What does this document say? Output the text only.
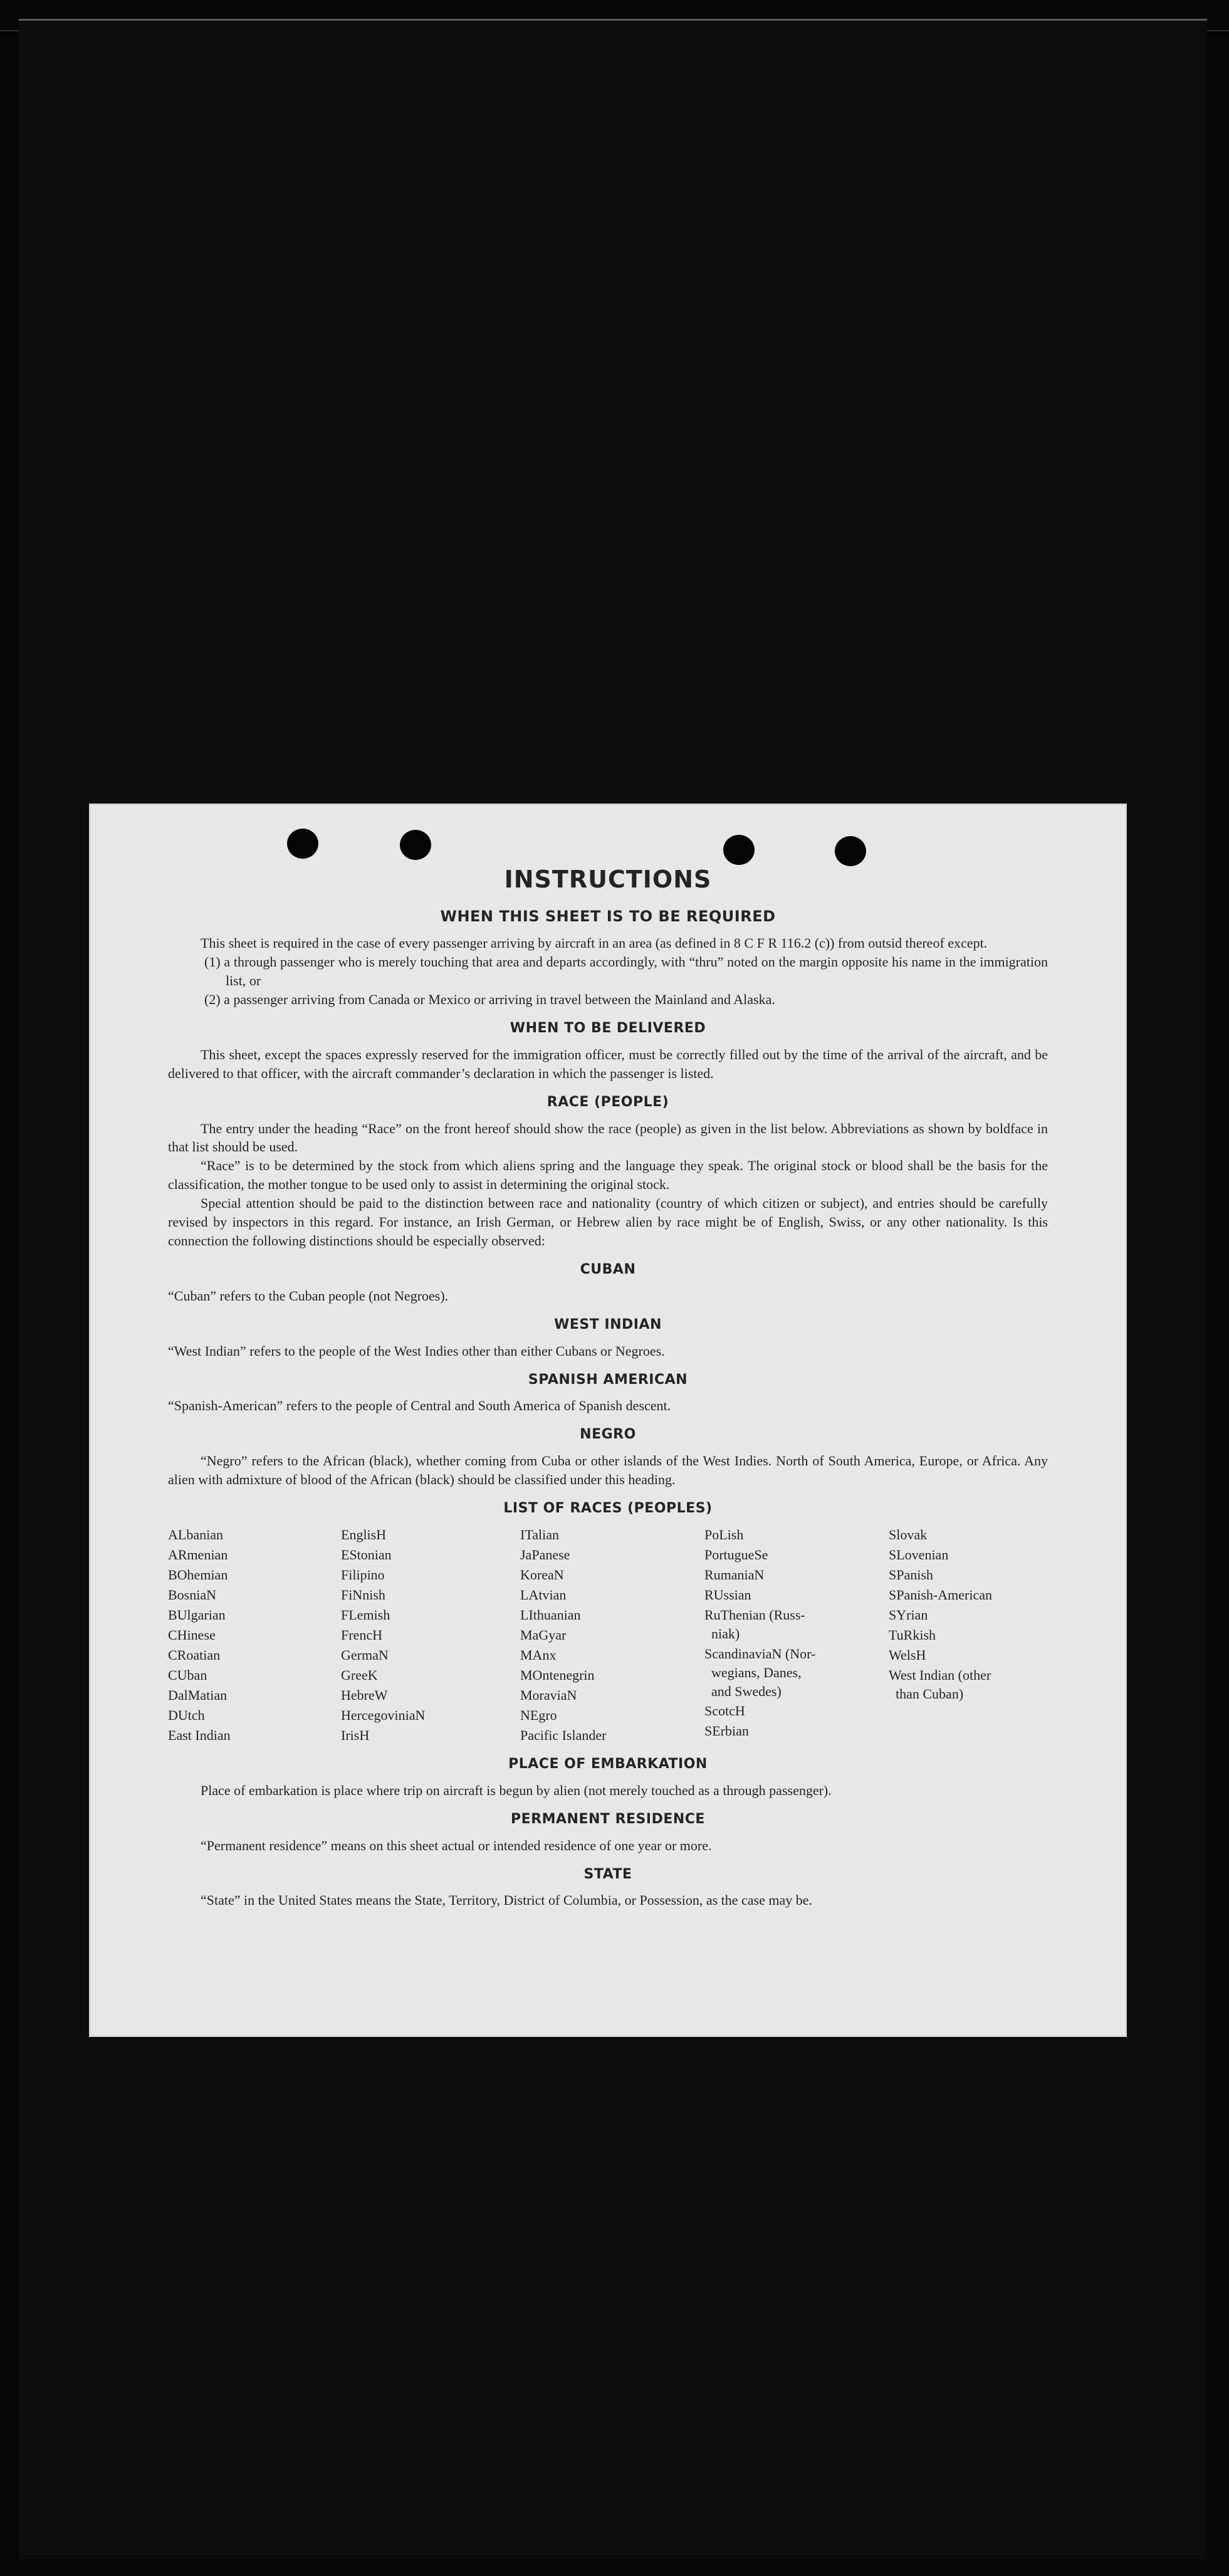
INSTRUCTIONS
WHEN THIS SHEET IS TO BE REQUIRED

This sheet is required in the case of every passenger arriving by aircraft in an area (as defined in 8 C F R 116.2 (c)) from outsid thereof except.

(1) a through passenger who is merely touching that area and departs accordingly, with “thru” noted on the margin opposite his name in the immigration list, or

(2) a passenger arriving from Canada or Mexico or arriving in travel between the Mainland and Alaska.

WHEN TO BE DELIVERED

This sheet, except the spaces expressly reserved for the immigration officer, must be correctly filled out by the time of the arrival of the aircraft, and be delivered to that officer, with the aircraft commander’s declaration in which the passenger is listed.

RACE (PEOPLE)

The entry under the heading “Race” on the front hereof should show the race (people) as given in the list below. Abbreviations as shown by boldface in that list should be used.

“Race” is to be determined by the stock from which aliens spring and the language they speak. The original stock or blood shall be the basis for the classification, the mother tongue to be used only to assist in determining the original stock.

Special attention should be paid to the distinction between race and nationality (country of which citizen or subject), and entries should be carefully revised by inspectors in this regard. For instance, an Irish German, or Hebrew alien by race might be of English, Swiss, or any other nationality. Is this connection the following distinctions should be especially observed:

CUBAN

“Cuban” refers to the Cuban people (not Negroes).

WEST INDIAN

“West Indian” refers to the people of the West Indies other than either Cubans or Negroes.

SPANISH AMERICAN

“Spanish-American” refers to the people of Central and South America of Spanish descent.

NEGRO

“Negro” refers to the African (black), whether coming from Cuba or other islands of the West Indies. North of South America, Europe, or Africa. Any alien with admixture of blood of the African (black) should be classified under this heading.

LIST OF RACES (PEOPLES)
ALbanian
ARmenian
BOhemian
BosniaN
BUlgarian
CHinese
CRoatian
CUban
DalMatian
DUtch
East Indian
EnglisH
EStonian
Filipino
FiNnish
FLemish
FrencH
GermaN
GreeK
HebreW
HercegoviniaN
IrisH
ITalian
JaPanese
KoreaN
LAtvian
LIthuanian
MaGyar
MAnx
MOntenegrin
MoraviaN
NEgro
Pacific Islander
PoLish
PortugueSe
RumaniaN
RUssian
RuThenian (Russ-
niak)
ScandinaviaN (Nor-
wegians, Danes,
and Swedes)
ScotcH
SErbian
Slovak
SLovenian
SPanish
SPanish-American
SYrian
TuRkish
WelsH
West Indian (other
than Cuban)
PLACE OF EMBARKATION

Place of embarkation is place where trip on aircraft is begun by alien (not merely touched as a through passenger).

PERMANENT RESIDENCE

“Permanent residence” means on this sheet actual or intended residence of one year or more.

STATE

“State” in the United States means the State, Territory, District of Columbia, or Possession, as the case may be.
